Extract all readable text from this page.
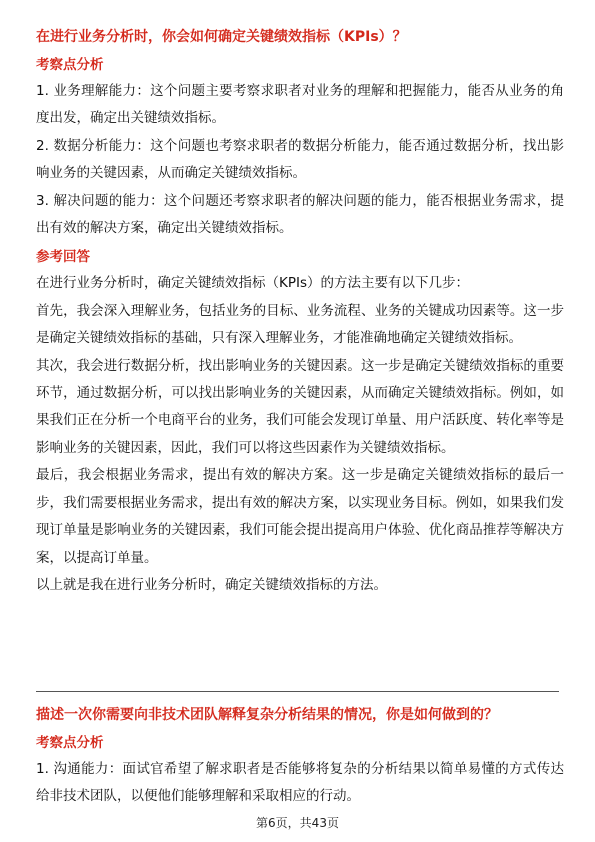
在进行业务分析时，你会如何确定关键绩效指标（KPIs）？
考察点分析

1. 业务理解能力：这个问题主要考察求职者对业务的理解和把握能力，能否从业务的角度出发，确定出关键绩效指标。

2. 数据分析能力：这个问题也考察求职者的数据分析能力，能否通过数据分析，找出影响业务的关键因素，从而确定关键绩效指标。

3. 解决问题的能力：这个问题还考察求职者的解决问题的能力，能否根据业务需求，提出有效的解决方案，确定出关键绩效指标。

参考回答

在进行业务分析时，确定关键绩效指标（KPIs）的方法主要有以下几步：

首先，我会深入理解业务，包括业务的目标、业务流程、业务的关键成功因素等。这一步是确定关键绩效指标的基础，只有深入理解业务，才能准确地确定关键绩效指标。

其次，我会进行数据分析，找出影响业务的关键因素。这一步是确定关键绩效指标的重要环节，通过数据分析，可以找出影响业务的关键因素，从而确定关键绩效指标。例如，如果我们正在分析一个电商平台的业务，我们可能会发现订单量、用户活跃度、转化率等是影响业务的关键因素，因此，我们可以将这些因素作为关键绩效指标。

最后，我会根据业务需求，提出有效的解决方案。这一步是确定关键绩效指标的最后一步，我们需要根据业务需求，提出有效的解决方案，以实现业务目标。例如，如果我们发现订单量是影响业务的关键因素，我们可能会提出提高用户体验、优化商品推荐等解决方案，以提高订单量。

以上就是我在进行业务分析时，确定关键绩效指标的方法。

描述一次你需要向非技术团队解释复杂分析结果的情况，你是如何做到的？
考察点分析

1. 沟通能力：面试官希望了解求职者是否能够将复杂的分析结果以简单易懂的方式传达给非技术团队，以便他们能够理解和采取相应的行动。

第6页，共43页
